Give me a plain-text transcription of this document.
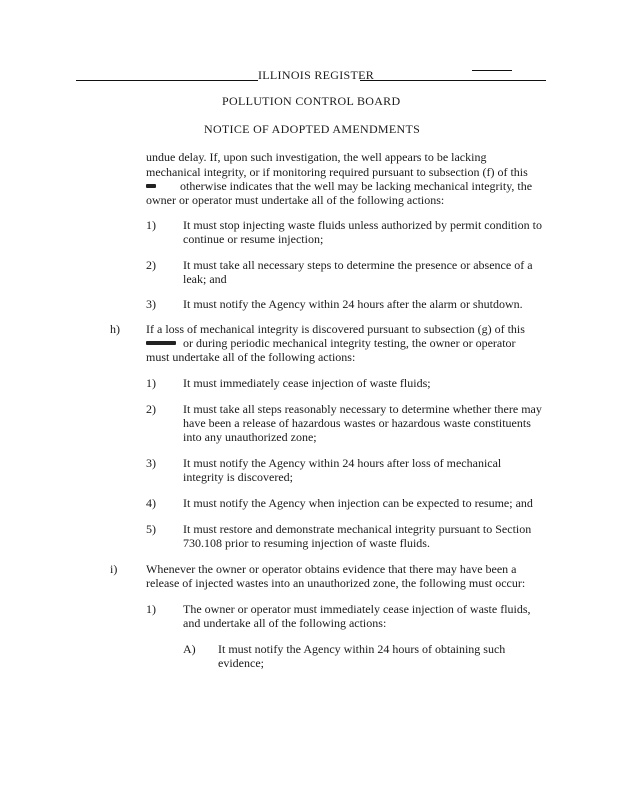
ILLINOIS REGISTER
POLLUTION CONTROL BOARD
NOTICE OF ADOPTED AMENDMENTS
undue delay. If, upon such investigation, the well appears to be lacking
mechanical integrity, or if monitoring required pursuant to subsection (f) of this
otherwise indicates that the well may be lacking mechanical integrity, the
owner or operator must undertake all of the following actions:
1) It must stop injecting waste fluids unless authorized by permit condition to
continue or resume injection;
2) It must take all necessary steps to determine the presence or absence of a
leak; and
3) It must notify the Agency within 24 hours after the alarm or shutdown.
h) If a loss of mechanical integrity is discovered pursuant to subsection (g) of this
or during periodic mechanical integrity testing, the owner or operator
must undertake all of the following actions:
1) It must immediately cease injection of waste fluids;
2) It must take all steps reasonably necessary to determine whether there may
have been a release of hazardous wastes or hazardous waste constituents
into any unauthorized zone;
3) It must notify the Agency within 24 hours after loss of mechanical
integrity is discovered;
4) It must notify the Agency when injection can be expected to resume; and
5) It must restore and demonstrate mechanical integrity pursuant to Section
730.108 prior to resuming injection of waste fluids.
i) Whenever the owner or operator obtains evidence that there may have been a
release of injected wastes into an unauthorized zone, the following must occur:
1) The owner or operator must immediately cease injection of waste fluids,
and undertake all of the following actions:
A) It must notify the Agency within 24 hours of obtaining such
evidence;
